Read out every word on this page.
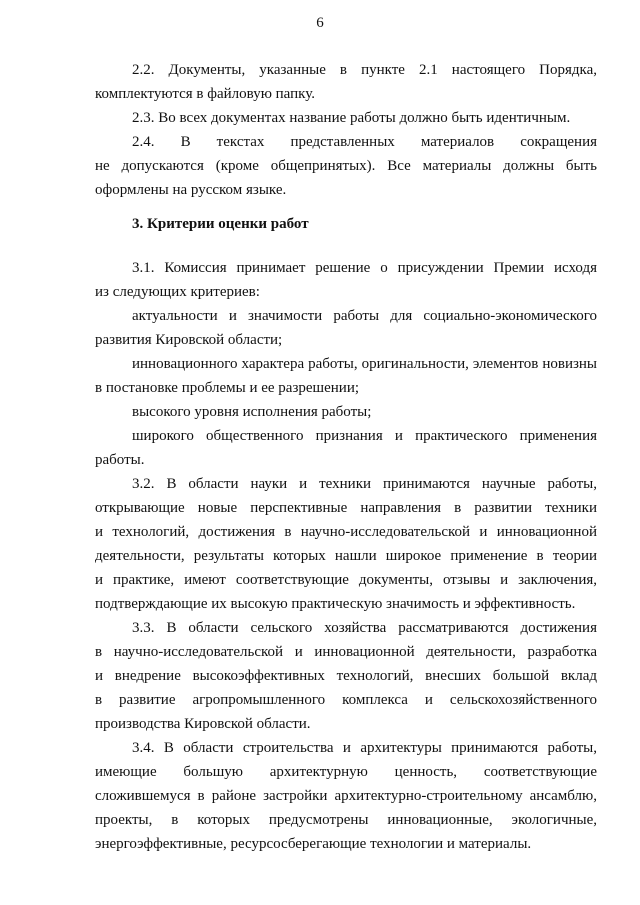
6
2.2. Документы, указанные в пункте 2.1 настоящего Порядка,
комплектуются в файловую папку.
2.3. Во всех документах название работы должно быть идентичным.
2.4. В текстах представленных материалов сокращения
не допускаются (кроме общепринятых). Все материалы должны быть
оформлены на русском языке.
3. Критерии оценки работ
3.1. Комиссия принимает решение о присуждении Премии исходя
из следующих критериев:
актуальности и значимости работы для социально-экономического
развития Кировской области;
инновационного характера работы, оригинальности, элементов новизны
в постановке проблемы и ее разрешении;
высокого уровня исполнения работы;
широкого общественного признания и практического применения
работы.
3.2. В области науки и техники принимаются научные работы,
открывающие новые перспективные направления в развитии техники
и технологий, достижения в научно-исследовательской и инновационной
деятельности, результаты которых нашли широкое применение в теории
и практике, имеют соответствующие документы, отзывы и заключения,
подтверждающие их высокую практическую значимость и эффективность.
3.3. В области сельского хозяйства рассматриваются достижения
в научно-исследовательской и инновационной деятельности, разработка
и внедрение высокоэффективных технологий, внесших большой вклад
в развитие агропромышленного комплекса и сельскохозяйственного
производства Кировской области.
3.4. В области строительства и архитектуры принимаются работы,
имеющие большую архитектурную ценность, соответствующие
сложившемуся в районе застройки архитектурно-строительному ансамблю,
проекты, в которых предусмотрены инновационные, экологичные,
энергоэффективные, ресурсосберегающие технологии и материалы.
